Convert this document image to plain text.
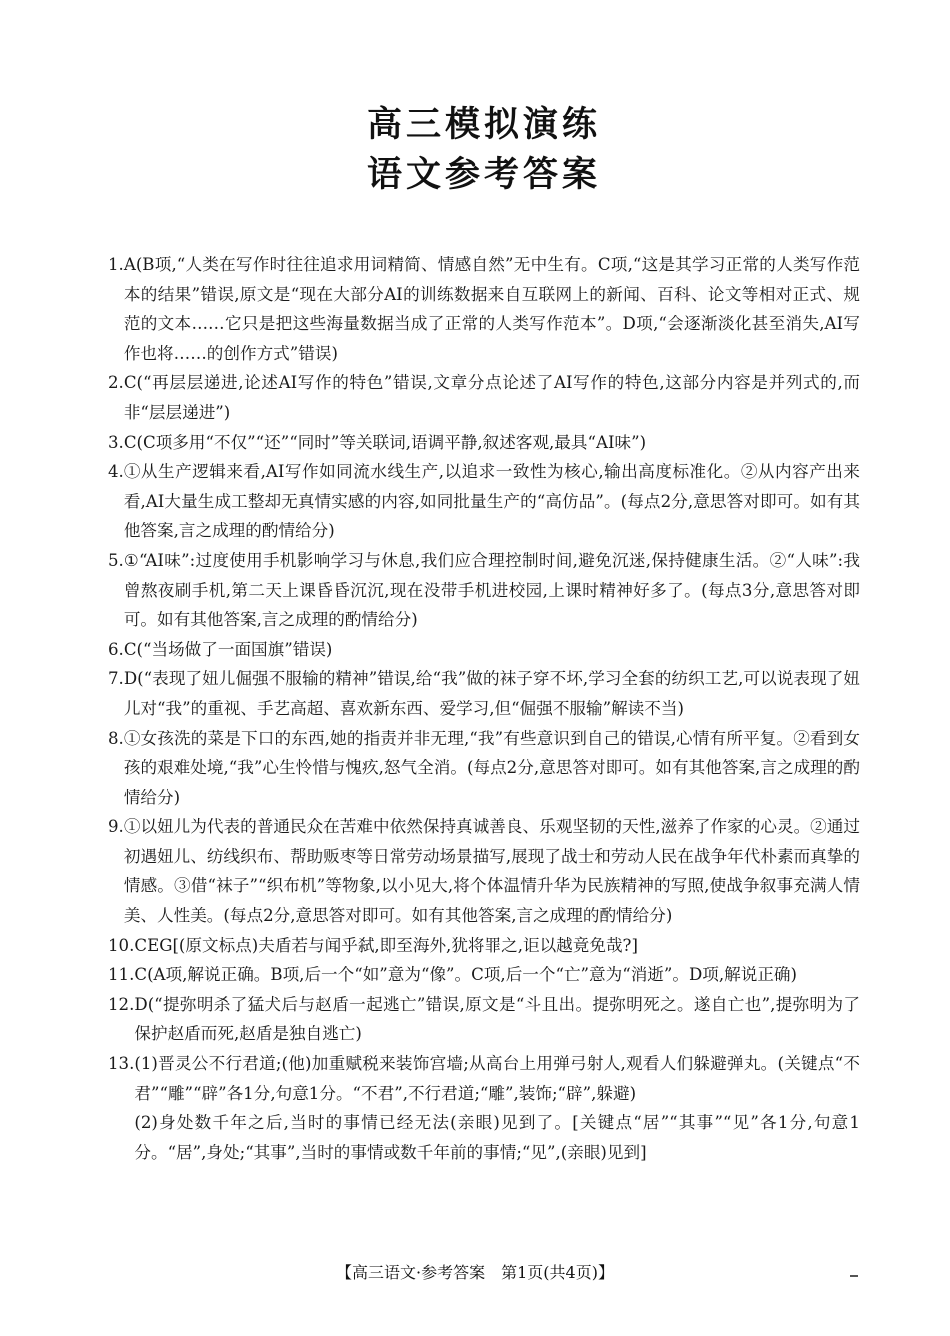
高三模拟演练
语文参考答案
1. A(B项,“人类在写作时往往追求用词精简、情感自然”无中生有。C项,“这是其学习正常的人类写作范本的结果”错误,原文是“现在大部分AI的训练数据来自互联网上的新闻、百科、论文等相对正式、规范的文本……它只是把这些海量数据当成了正常的人类写作范本”。D项,“会逐渐淡化甚至消失,AI写作也将……的创作方式”错误)

2. C(“再层层递进,论述AI写作的特色”错误,文章分点论述了AI写作的特色,这部分内容是并列式的,而非“层层递进”)

3. C(C项多用“不仅”“还”“同时”等关联词,语调平静,叙述客观,最具“AI味”)

4. ①从生产逻辑来看,AI写作如同流水线生产,以追求一致性为核心,输出高度标准化。②从内容产出来看,AI大量生成工整却无真情实感的内容,如同批量生产的“高仿品”。(每点2分,意思答对即可。如有其他答案,言之成理的酌情给分)

5. ①“AI味”:过度使用手机影响学习与休息,我们应合理控制时间,避免沉迷,保持健康生活。②“人味”:我曾熬夜刷手机,第二天上课昏昏沉沉,现在没带手机进校园,上课时精神好多了。(每点3分,意思答对即可。如有其他答案,言之成理的酌情给分)

6. C(“当场做了一面国旗”错误)

7. D(“表现了妞儿倔强不服输的精神”错误,给“我”做的袜子穿不坏,学习全套的纺织工艺,可以说表现了妞儿对“我”的重视、手艺高超、喜欢新东西、爱学习,但“倔强不服输”解读不当)

8. ①女孩洗的菜是下口的东西,她的指责并非无理,“我”有些意识到自己的错误,心情有所平复。②看到女孩的艰难处境,“我”心生怜惜与愧疚,怒气全消。(每点2分,意思答对即可。如有其他答案,言之成理的酌情给分)

9. ①以妞儿为代表的普通民众在苦难中依然保持真诚善良、乐观坚韧的天性,滋养了作家的心灵。②通过初遇妞儿、纺线织布、帮助贩枣等日常劳动场景描写,展现了战士和劳动人民在战争年代朴素而真挚的情感。③借“袜子”“织布机”等物象,以小见大,将个体温情升华为民族精神的写照,使战争叙事充满人情美、人性美。(每点2分,意思答对即可。如有其他答案,言之成理的酌情给分)

10. CEG[(原文标点)夫盾若与闻乎弑,即至海外,犹将罪之,讵以越竟免哉?]

11. C(A项,解说正确。B项,后一个“如”意为“像”。C项,后一个“亡”意为“消逝”。D项,解说正确)

12. D(“提弥明杀了猛犬后与赵盾一起逃亡”错误,原文是“斗且出。提弥明死之。遂自亡也”,提弥明为了保护赵盾而死,赵盾是独自逃亡)

13. (1)晋灵公不行君道;(他)加重赋税来装饰宫墙;从高台上用弹弓射人,观看人们躲避弹丸。(关键点“不君”“雕”“辟”各1分,句意1分。“不君”,不行君道;“雕”,装饰;“辟”,躲避)

(2)身处数千年之后,当时的事情已经无法(亲眼)见到了。[关键点“居”“其事”“见”各1分,句意1分。“居”,身处;“其事”,当时的事情或数千年前的事情;“见”,(亲眼)见到]

【高三语文·参考答案　第1页(共4页)】
